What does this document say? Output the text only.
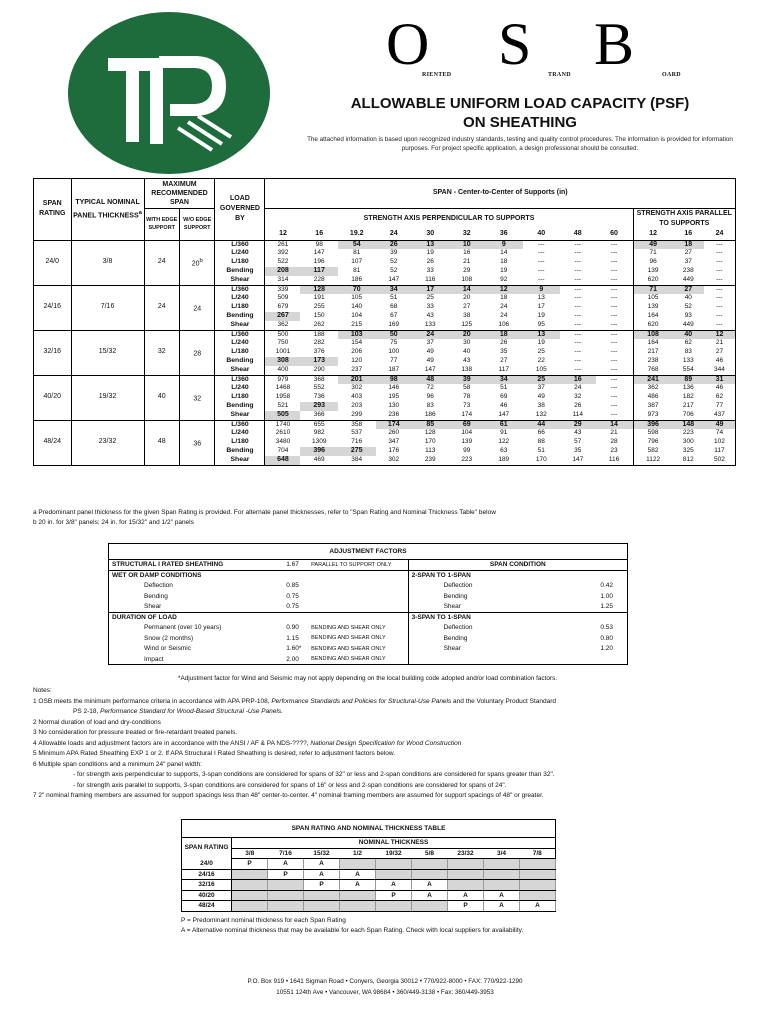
O
RIENTED S	TRAND B	OARD
ALLOWABLE UNIFORM LOAD CAPACITY (PSF)
ON SHEATHING
The attached information is based upon recognized industry standards, testing and quality control procedures. The information is provided for information purposes. For project specific application, a design professional should be consulted.
SPAN RATING	TYPICAL NOMINAL PANEL THICKNESS$^a$	MAXIMUM RECOMMENDED SPAN		LOAD GOVERNED BY	SPAN - Center-to-Center of Supports (in)												
		WITH EDGE SUPPORT	W/O EDGE SUPPORT		STRENGTH AXIS PERPENDICULAR TO SUPPORTS										STRENGTH AXIS PARALLEL TO SUPPORTS		
					12	16	19.2	24	30	32	36	40	48	60	12	16	24
24/0	3/8	24	20$^b$	L/360	261	98	54	26	13	10	9	---	---	---	49	18	---
				L/240	392	147	81	39	19	16	14	---	---	---	71	27	---
				L/180	522	196	107	52	26	21	18	---	---	---	96	37	---
				Bending	208	117	81	52	33	29	19	---	---	---	139	238	---
				Shear	314	228	186	147	116	108	92	---	---	---	620	449	---
24/16	7/16	24	24	L/360	339	128	70	34	17	14	12	9	---	---	71	27	---
				L/240	509	191	105	51	25	20	18	13	---	---	105	40	---
				L/180	679	255	140	68	33	27	24	17	---	---	139	52	---
				Bending	267	150	104	67	43	38	24	19	---	---	164	93	---
				Shear	362	262	215	169	133	125	106	95	---	---	620	449	---
32/16	15/32	32	28	L/360	500	188	103	50	24	20	18	13	---	---	108	40	12
				L/240	750	282	154	75	37	30	26	19	---	---	164	62	21
				L/180	1001	376	206	100	49	40	35	25	---	---	217	83	27
				Bending	308	173	120	77	49	43	27	22	---	---	238	133	46
				Shear	400	290	237	187	147	138	117	105	---	---	768	554	344
40/20	19/32	40	32	L/360	979	368	201	98	48	39	34	25	16	---	241	89	31
				L/240	1468	552	302	146	72	58	51	37	24	---	362	136	46
				L/180	1958	736	403	195	96	78	69	49	32	---	486	182	62
				Bending	521	293	203	130	83	73	46	38	26	---	387	217	77
				Shear	505	366	299	236	186	174	147	132	114	---	973	706	437
48/24	23/32	48	36	L/360	1740	655	358	174	85	69	61	44	29	14	396	148	49
				L/240	2610	982	537	260	128	104	91	66	43	21	598	223	74
				L/180	3480	1309	716	347	170	139	122	88	57	28	796	300	102
				Bending	704	396	275	176	113	99	63	51	35	23	582	325	117
				Shear	648	469	384	302	239	223	189	170	147	116	1122	812	502
a Predominant panel thickness for the given Span Rating is provided. For alternate panel thicknesses, refer to "Span Rating and Nominal Thickness Table" below
b 20 in. for 3/8" panels; 24 in. for 15/32" and 1/2" panels
ADJUSTMENT FACTORS				
STRUCTURAL I RATED SHEATHING	1.67	PARALLEL TO SUPPORT ONLY	SPAN CONDITION	
WET OR DAMP CONDITIONS			2-SPAN TO 1-SPAN	
Deflection	0.85		Deflection	0.42
Bending	0.75		Bending	1.00
Shear	0.75		Shear	1.25
DURATION OF LOAD			3-SPAN TO 1-SPAN	
Permanent (over 10 years)	0.90	BENDING AND SHEAR ONLY	Deflection	0.53
Snow (2 months)	1.15	BENDING AND SHEAR ONLY	Bending	0.80
Wind or Seismic	1.60*	BENDING AND SHEAR ONLY	Shear	1.20
Impact	2.00	BENDING AND SHEAR ONLY		
*Adjustment factor for Wind and Seismic may not apply depending on the local building code adopted and/or load combination factors.
Notes:
1 OSB meets the minimum performance criteria in accordance with APA PRP-108, Performance Standards and Policies for Structural-Use Panels and the Voluntary Product Standard
PS 2-18, Performance Standard for Wood-Based Structural -Use Panels.
2 Normal duration of load and dry-conditions
3 No consideration for pressure treated or fire-retardant treated panels.
4 Allowable loads and adjustment factors are in accordance with the ANSI / AF & PA NDS-????, National Design Specification for Wood Construction
5 Minimum APA Rated Sheathing EXP 1 or 2. If APA Structural I Rated Sheathing is desired, refer to adjustment factors below.
6 Multiple span conditions and a minimum 24" panel width:
- for strength axis perpendicular to supports, 3-span conditions are considered for spans of 32" or less and 2-span conditions are considered for spans greater than 32".
- for strength axis parallel to supports, 3-span conditions are considered for spans of 16" or less and 2-span conditions are considered for spans of 24".
7 2" nominal framing members are assumed for support spacings less than 48" center-to-center. 4" nominal framing members are assumed for support spacings of 48" or greater.
SPAN RATING AND NOMINAL THICKNESS TABLE									
SPAN RATING	NOMINAL THICKNESS								
	3/8	7/16	15/32	1/2	19/32	5/8	23/32	3/4	7/8
24/0	P	A	A						
24/16		P	A	A					
32/16			P	A	A	A			
40/20					P	A	A	A	
48/24							P	A	A
P = Predominant nominal thickness for each Span Rating
A = Alternative nominal thickness that may be available for each Span Rating. Check with local suppliers for availability.
P.O. Box 919 • 1641 Sigman Road • Conyers, Georgia 30012 • 770/922-8000 • FAX: 770/922-1290
10551 124th Ave • Vancouver, WA 98684 • 360/449-3138 • Fax: 360/449-3953
